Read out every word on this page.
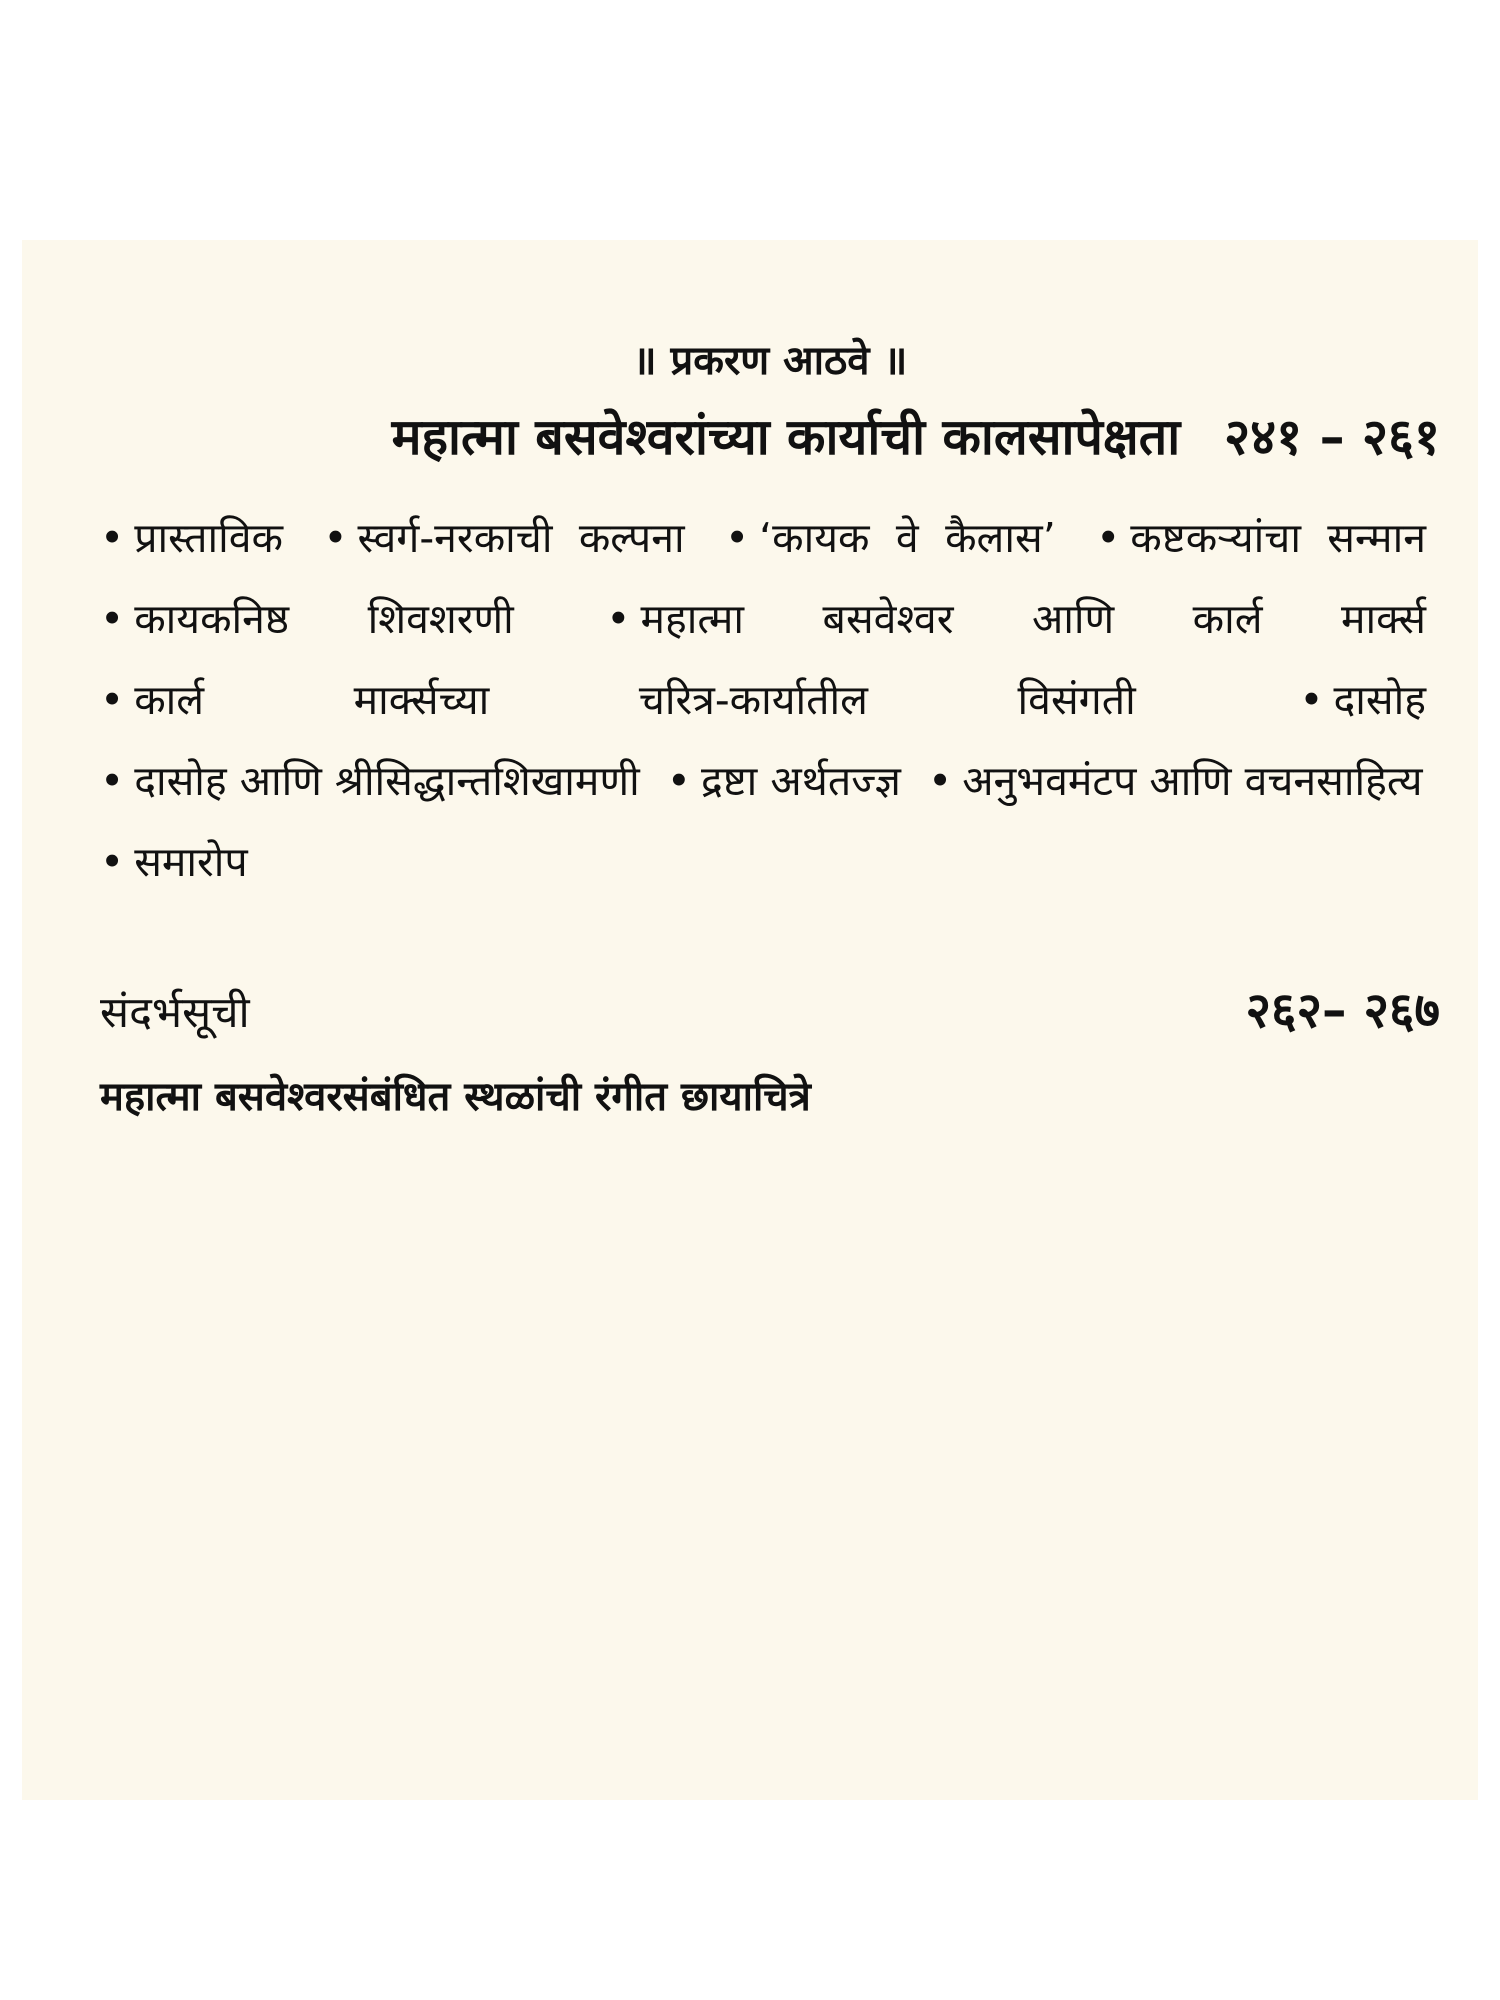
॥ प्रकरण आठवे ॥
महात्मा बसवेश्वरांच्या कार्याची कालसापेक्षता २४१ – २६१
• प्रास्ताविक • स्वर्ग-नरकाची कल्पना • ‘कायक वे कैलास’ • कष्टकऱ्यांचा सन्मान • कायकनिष्ठ शिवशरणी • महात्मा बसवेश्वर आणि कार्ल मार्क्स • कार्ल मार्क्सच्या चरित्र-कार्यातील विसंगती	• दासोह • दासोह आणि श्रीसिद्धान्तशिखामणी • द्रष्टा अर्थतज्ज्ञ • अनुभवमंटप आणि वचनसाहित्य
• समारोप
संदर्भसूची	२६२– २६७
महात्मा बसवेश्वरसंबंधित स्थळांची रंगीत छायाचित्रे
